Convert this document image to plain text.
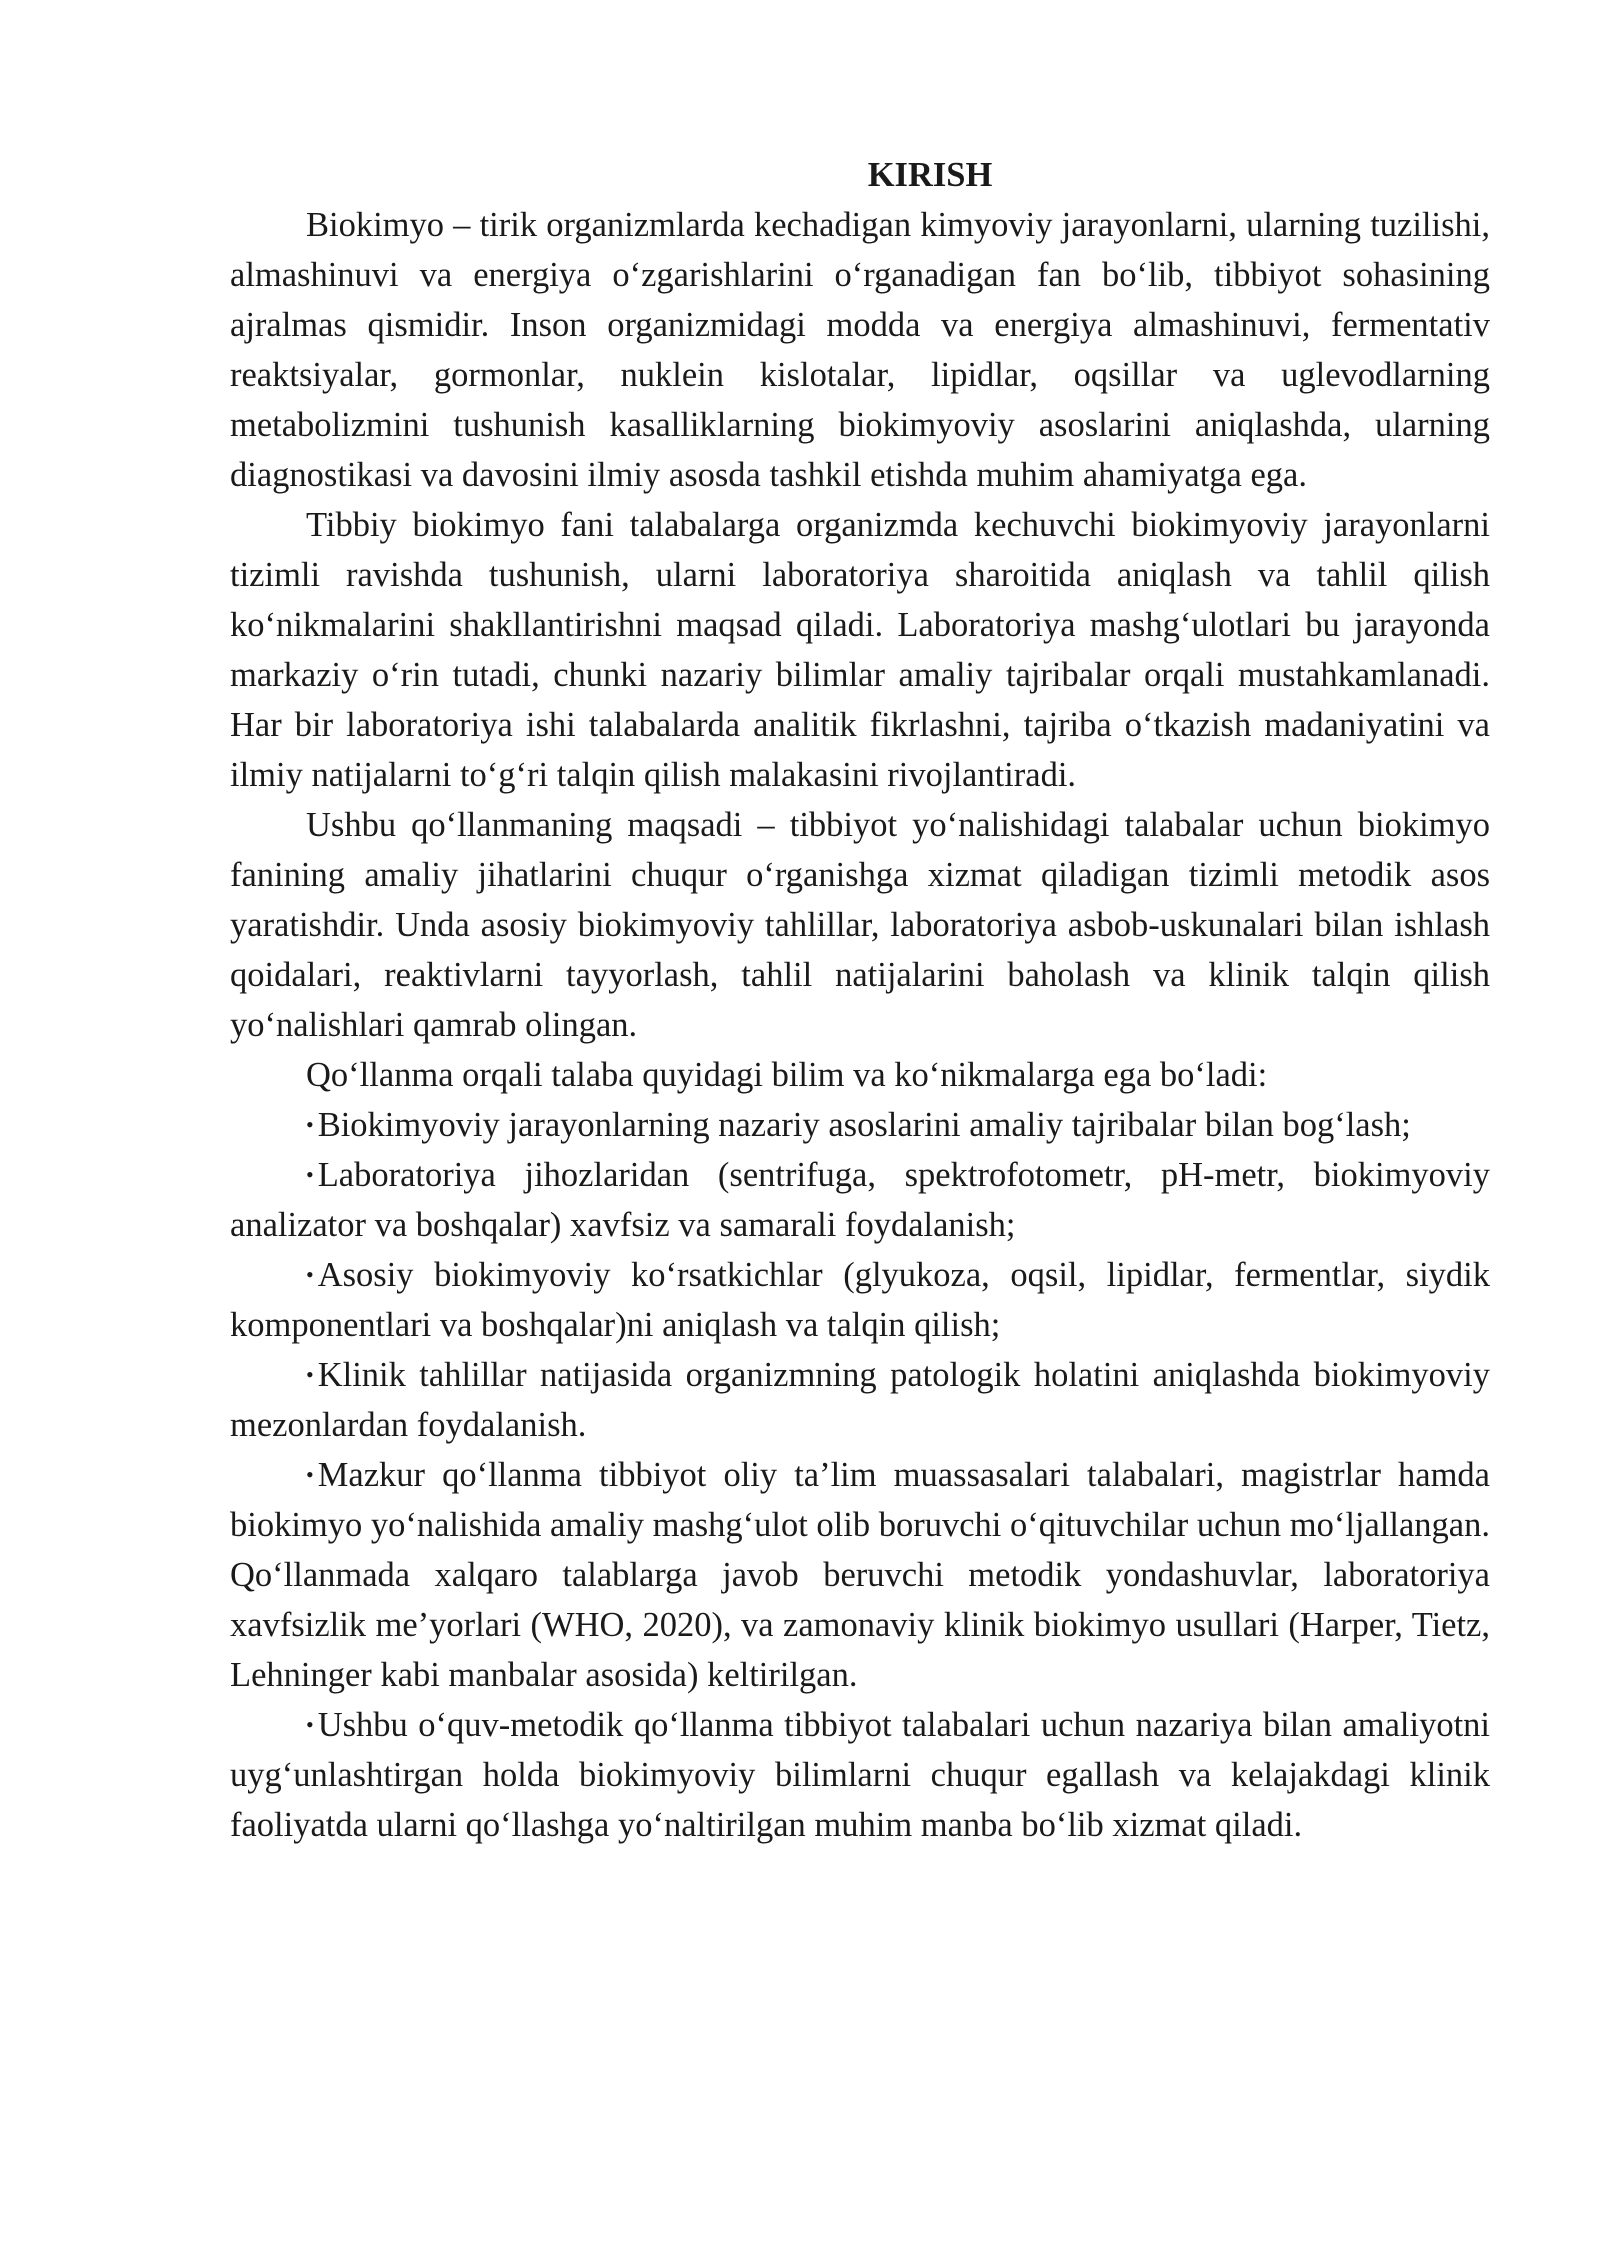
KIRISH

Biokimyo – tirik organizmlarda kechadigan kimyoviy jarayonlarni, ularning tuzilishi, almashinuvi va energiya o‘zgarishlarini o‘rganadigan fan bo‘lib, tibbiyot sohasining ajralmas qismidir. Inson organizmidagi modda va energiya almashinuvi, fermentativ reaktsiyalar, gormonlar, nuklein kislotalar, lipidlar, oqsillar va uglevodlarning metabolizmini tushunish kasalliklarning biokimyoviy asoslarini aniqlashda, ularning diagnostikasi va davosini ilmiy asosda tashkil etishda muhim ahamiyatga ega.

Tibbiy biokimyo fani talabalarga organizmda kechuvchi biokimyoviy jarayonlarni tizimli ravishda tushunish, ularni laboratoriya sharoitida aniqlash va tahlil qilish ko‘nikmalarini shakllantirishni maqsad qiladi. Laboratoriya mashg‘ulotlari bu jarayonda markaziy o‘rin tutadi, chunki nazariy bilimlar amaliy tajribalar orqali mustahkamlanadi. Har bir laboratoriya ishi talabalarda analitik fikrlashni, tajriba o‘tkazish madaniyatini va ilmiy natijalarni to‘g‘ri talqin qilish malakasini rivojlantiradi.

Ushbu qo‘llanmaning maqsadi – tibbiyot yo‘nalishidagi talabalar uchun biokimyo fanining amaliy jihatlarini chuqur o‘rganishga xizmat qiladigan tizimli metodik asos yaratishdir. Unda asosiy biokimyoviy tahlillar, laboratoriya asbob-uskunalari bilan ishlash qoidalari, reaktivlarni tayyorlash, tahlil natijalarini baholash va klinik talqin qilish yo‘nalishlari qamrab olingan.

Qo‘llanma orqali talaba quyidagi bilim va ko‘nikmalarga ega bo‘ladi:

• Biokimyoviy jarayonlarning nazariy asoslarini amaliy tajribalar bilan bog‘lash;

• Laboratoriya jihozlaridan (sentrifuga, spektrofotometr, pH-metr, biokimyoviy analizator va boshqalar) xavfsiz va samarali foydalanish;

• Asosiy biokimyoviy ko‘rsatkichlar (glyukoza, oqsil, lipidlar, fermentlar, siydik komponentlari va boshqalar)ni aniqlash va talqin qilish;

• Klinik tahlillar natijasida organizmning patologik holatini aniqlashda biokimyoviy mezonlardan foydalanish.

• Mazkur qo‘llanma tibbiyot oliy ta’lim muassasalari talabalari, magistrlar hamda biokimyo yo‘nalishida amaliy mashg‘ulot olib boruvchi o‘qituvchilar uchun mo‘ljallangan. Qo‘llanmada xalqaro talablarga javob beruvchi metodik yondashuvlar, laboratoriya xavfsizlik me’yorlari (WHO, 2020), va zamonaviy klinik biokimyo usullari (Harper, Tietz, Lehninger kabi manbalar asosida) keltirilgan.

• Ushbu o‘quv-metodik qo‘llanma tibbiyot talabalari uchun nazariya bilan amaliyotni uyg‘unlashtirgan holda biokimyoviy bilimlarni chuqur egallash va kelajakdagi klinik faoliyatda ularni qo‘llashga yo‘naltirilgan muhim manba bo‘lib xizmat qiladi.
